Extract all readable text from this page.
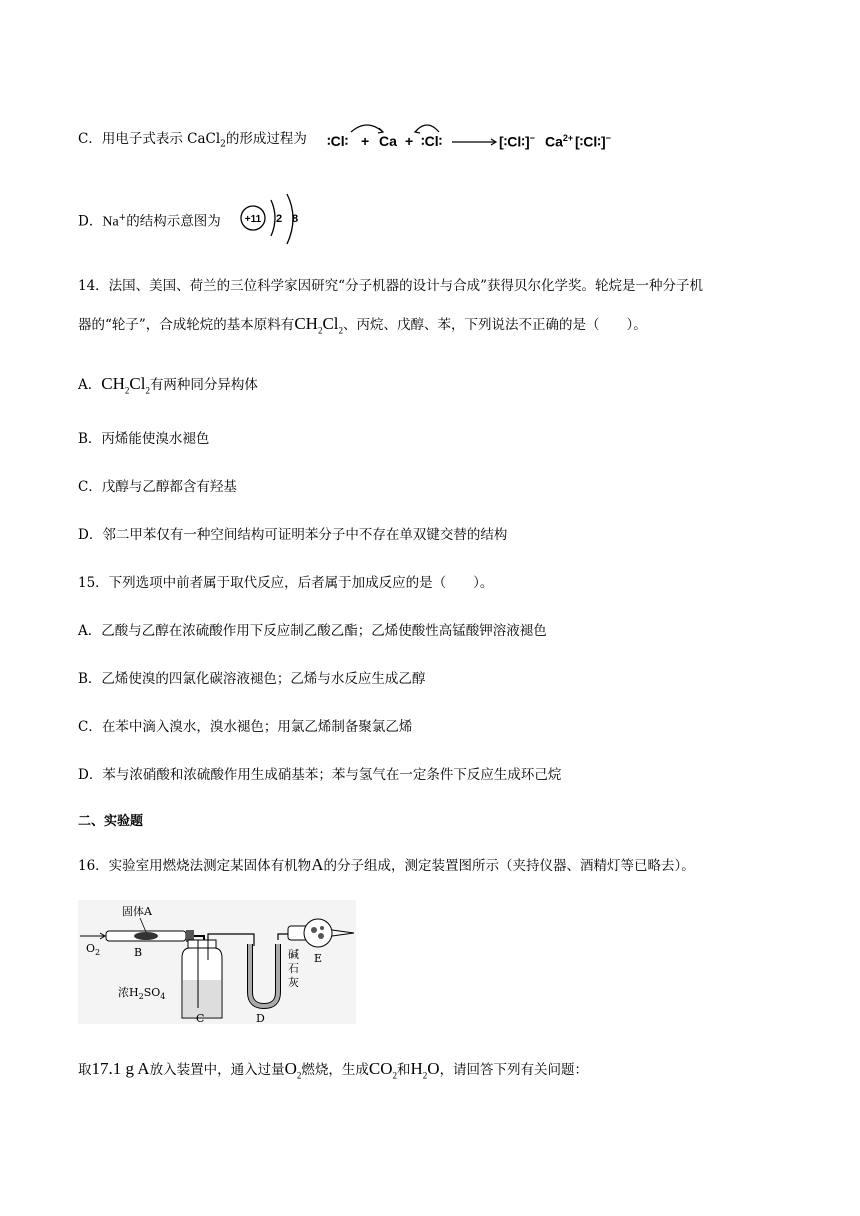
C．用电子式表示 CaCl$_2$的形成过程为 ∶Cl∶ + Ca + ∶Cl∶	[∶Cl∶]− $Ca^{2+}$ [∶Cl∶]−
D．Na+的结构示意图为 +11 2 8
14．法国、美国、荷兰的三位科学家因研究“分子机器的设计与合成”获得贝尔化学奖。轮烷是一种分子机
器的“轮子”，合成轮烷的基本原料有$CH_2Cl_2$、丙烷、戊醇、苯，下列说法不正确的是（　　）。
A．$CH_2Cl_2$有两种同分异构体
B．丙烯能使溴水褪色
C．戊醇与乙醇都含有羟基
D．邻二甲苯仅有一种空间结构可证明苯分子中不存在单双键交替的结构
15．下列选项中前者属于取代反应，后者属于加成反应的是（　　）。
A．乙酸与乙醇在浓硫酸作用下反应制乙酸乙酯；乙烯使酸性高锰酸钾溶液褪色
B．乙烯使溴的四氯化碳溶液褪色；乙烯与水反应生成乙醇
C．在苯中滴入溴水，溴水褪色；用氯乙烯制备聚氯乙烯
D．苯与浓硝酸和浓硫酸作用生成硝基苯；苯与氢气在一定条件下反应生成环己烷
二、实验题
16．实验室用燃烧法测定某固体有机物A的分子组成，测定装置图所示（夹持仪器、酒精灯等已略去）。
固体A
$O_2$	B
浓$H_2SO_4$
C	D
E
碱
石
灰
取17.1 g A放入装置中，通入过量$O_2$燃烧，生成$CO_2$和$H_2O$，请回答下列有关问题：
